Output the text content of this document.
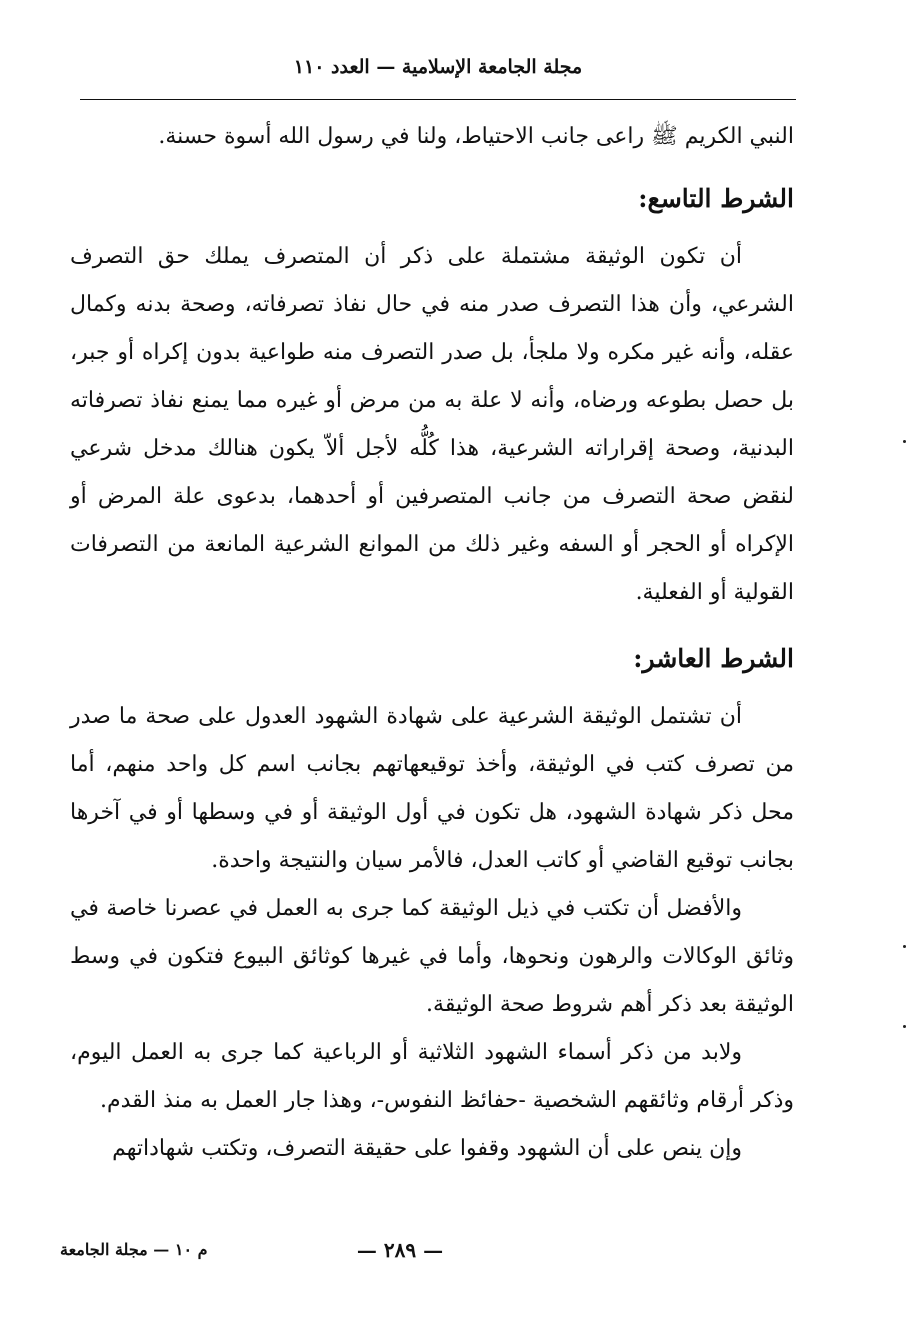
مجلة الجامعة الإسلامية — العدد ١١٠

النبي الكريم ﷺ راعى جانب الاحتياط، ولنا في رسول الله أسوة حسنة.

الشرط التاسع:

أن تكون الوثيقة مشتملة على ذكر أن المتصرف يملك حق التصرف الشرعي، وأن هذا التصرف صدر منه في حال نفاذ تصرفاته، وصحة بدنه وكمال عقله، وأنه غير مكره ولا ملجأ، بل صدر التصرف منه طواعية بدون إكراه أو جبر، بل حصل بطوعه ورضاه، وأنه لا علة به من مرض أو غيره مما يمنع نفاذ تصرفاته البدنية، وصحة إقراراته الشرعية، هذا كُلُّه لأجل ألاّ يكون هنالك مدخل شرعي لنقض صحة التصرف من جانب المتصرفين أو أحدهما، بدعوى علة المرض أو الإكراه أو الحجر أو السفه وغير ذلك من الموانع الشرعية المانعة من التصرفات القولية أو الفعلية.

الشرط العاشر:

أن تشتمل الوثيقة الشرعية على شهادة الشهود العدول على صحة ما صدر من تصرف كتب في الوثيقة، وأخذ توقيعهاتهم بجانب اسم كل واحد منهم، أما محل ذكر شهادة الشهود، هل تكون في أول الوثيقة أو في وسطها أو في آخرها بجانب توقيع القاضي أو كاتب العدل، فالأمر سيان والنتيجة واحدة.

والأفضل أن تكتب في ذيل الوثيقة كما جرى به العمل في عصرنا خاصة في وثائق الوكالات والرهون ونحوها، وأما في غيرها كوثائق البيوع فتكون في وسط الوثيقة بعد ذكر أهم شروط صحة الوثيقة.

ولابد من ذكر أسماء الشهود الثلاثية أو الرباعية كما جرى به العمل اليوم، وذكر أرقام وثائقهم الشخصية -حفائظ النفوس-، وهذا جار العمل به منذ القدم.

وإن ينص على أن الشهود وقفوا على حقيقة التصرف، وتكتب شهاداتهم

م ١٠ — مجلة الجامعة	— ٢٨٩ —
